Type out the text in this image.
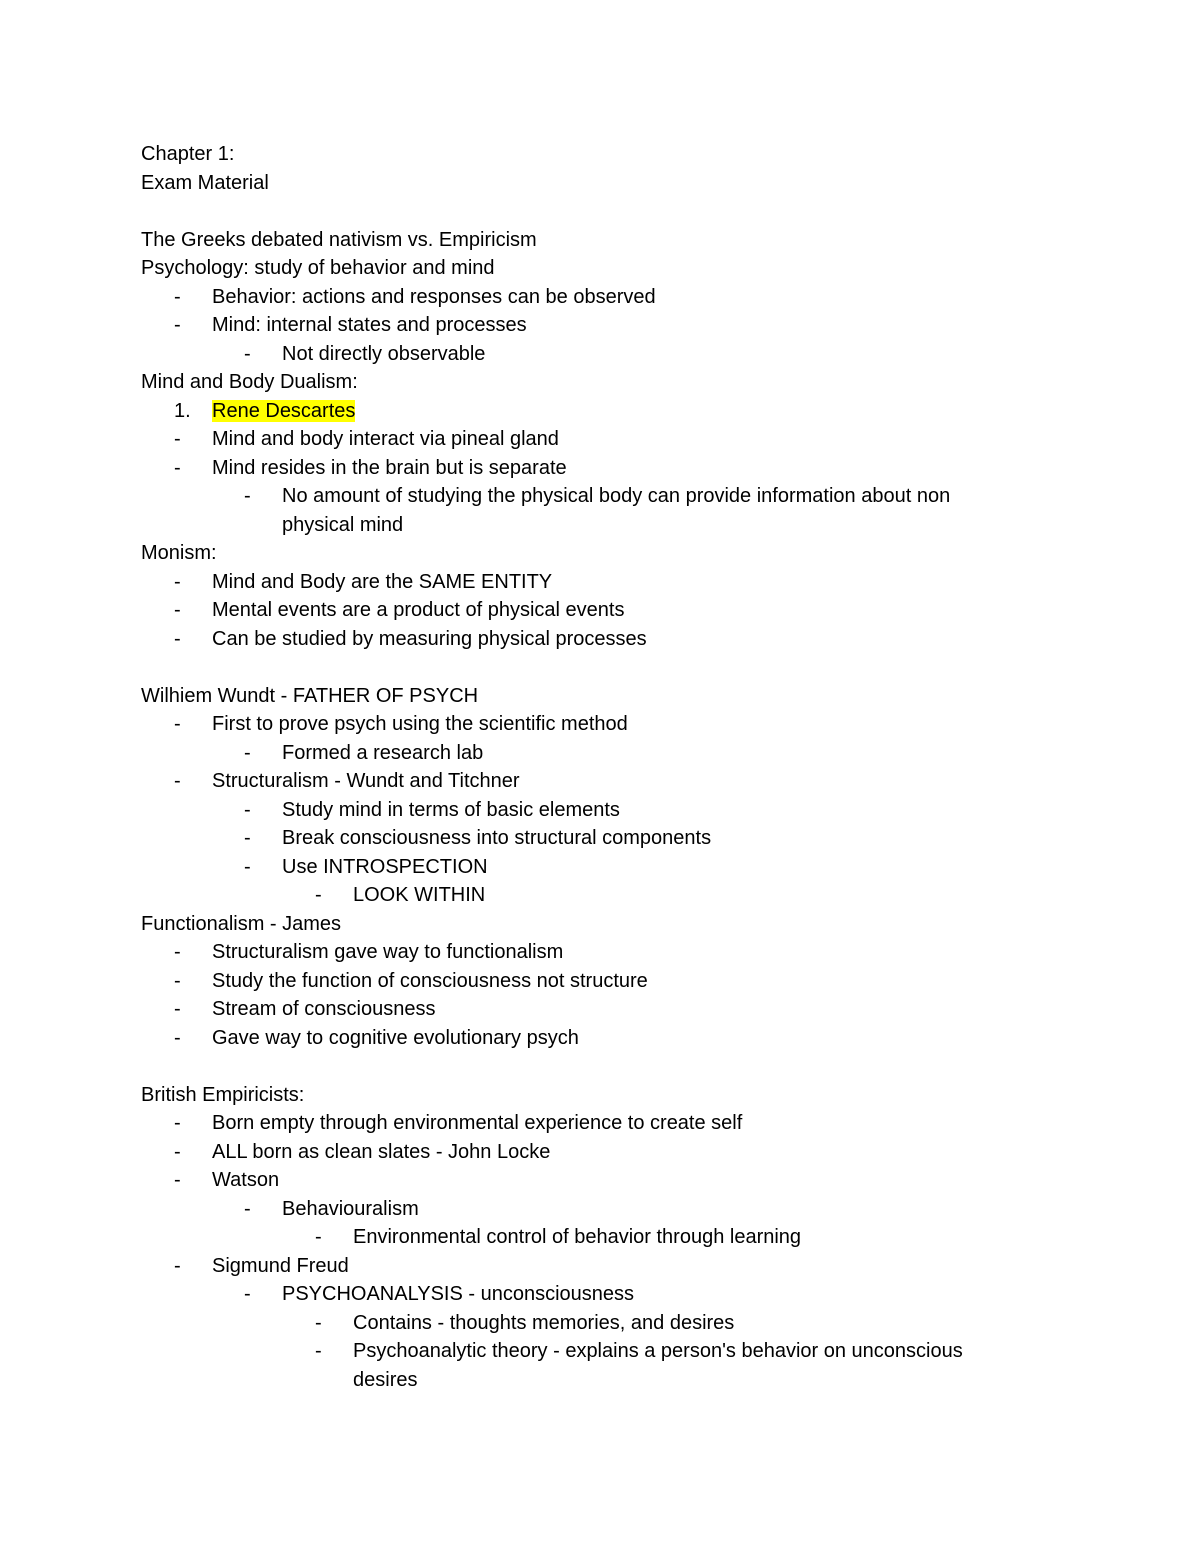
Chapter 1:
Exam Material
The Greeks debated nativism vs. Empiricism
Psychology: study of behavior and mind
- Behavior: actions and responses can be observed
- Mind: internal states and processes
- Not directly observable
Mind and Body Dualism:
1. Rene Descartes
- Mind and body interact via pineal gland
- Mind resides in the brain but is separate
- No amount of studying the physical body can provide information about non physical mind
Monism:
- Mind and Body are the SAME ENTITY
- Mental events are a product of physical events
- Can be studied by measuring physical processes
Wilhiem Wundt - FATHER OF PSYCH
- First to prove psych using the scientific method
- Formed a research lab
- Structuralism - Wundt and Titchner
- Study mind in terms of basic elements
- Break consciousness into structural components
- Use INTROSPECTION
- LOOK WITHIN
Functionalism - James
- Structuralism gave way to functionalism
- Study the function of consciousness not structure
- Stream of consciousness
- Gave way to cognitive evolutionary psych
British Empiricists:
- Born empty through environmental experience to create self
- ALL born as clean slates - John Locke
- Watson
- Behaviouralism
- Environmental control of behavior through learning
- Sigmund Freud
- PSYCHOANALYSIS - unconsciousness
- Contains - thoughts memories, and desires
- Psychoanalytic theory - explains a person's behavior on unconscious desires
